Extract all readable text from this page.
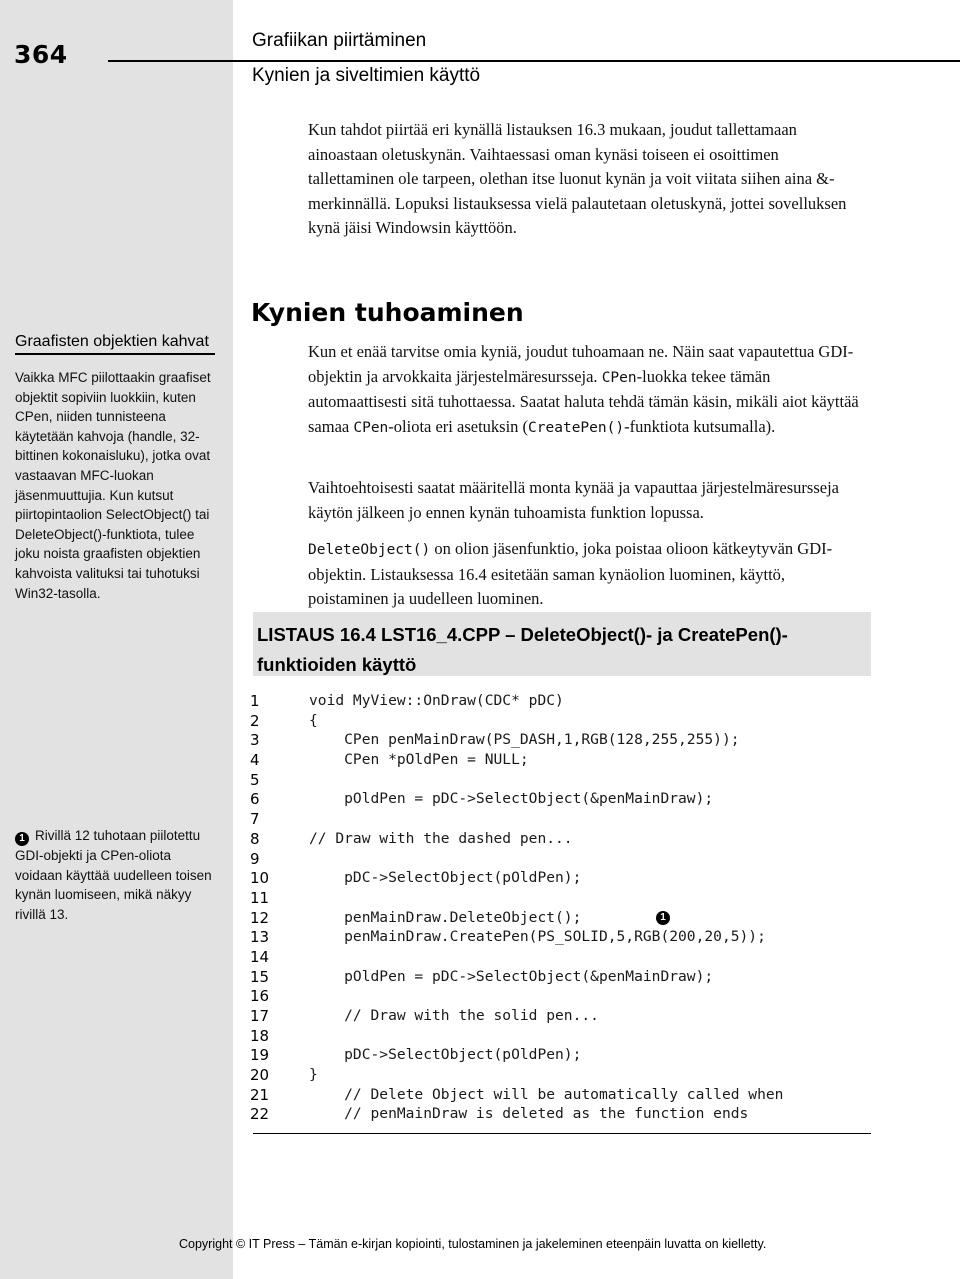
364	Grafiikan piirtäminen
Kynien ja siveltimien käyttö

Kun tahdot piirtää eri kynällä listauksen 16.3 mukaan, joudut tallettamaan ainoastaan oletuskynän. Vaihtaessasi oman kynäsi toiseen ei osoittimen tallettaminen ole tarpeen, olethan itse luonut kynän ja voit viitata siihen aina &-merkinnällä. Lopuksi listauksessa vielä palautetaan oletuskynä, jottei sovelluksen kynä jäisi Windowsin käyttöön.

Kynien tuhoaminen

Kun et enää tarvitse omia kyniä, joudut tuhoamaan ne. Näin saat vapautettua GDI-objektin ja arvokkaita järjestelmäresursseja. CPen-luokka tekee tämän automaattisesti sitä tuhottaessa. Saatat haluta tehdä tämän käsin, mikäli aiot käyttää samaa CPen-oliota eri asetuksin (CreatePen()-funktiota kutsumalla).

Vaihtoehtoisesti saatat määritellä monta kynää ja vapauttaa järjestelmäresursseja käytön jälkeen jo ennen kynän tuhoamista funktion lopussa.

DeleteObject() on olion jäsenfunktio, joka poistaa olioon kätkeytyvän GDI-objektin. Listauksessa 16.4 esitetään saman kynäolion luominen, käyttö, poistaminen ja uudelleen luominen.

Graafisten objektien kahvat

Vaikka MFC piilottaakin graafiset objektit sopiviin luokkiin, kuten CPen, niiden tunnisteena käytetään kahvoja (handle, 32-bittinen kokonaisluku), jotka ovat vastaavan MFC-luokan jäsenmuuttujia. Kun kutsut piirtopintaolion SelectObject() tai DeleteObject()-funktiota, tulee joku noista graafisten objektien kahvoista valituksi tai tuhotuksi Win32-tasolla.

1 Rivillä 12 tuhotaan piilotettu GDI-objekti ja CPen-oliota voidaan käyttää uudelleen toisen kynän luomiseen, mikä näkyy rivillä 13.

LISTAUS 16.4 LST16_4.CPP – DeleteObject()- ja CreatePen()-funktioiden käyttö

1	void MyView::OnDraw(CDC* pDC)
2	{
3	CPen penMainDraw(PS_DASH,1,RGB(128,255,255));
4	CPen *pOldPen = NULL;
5
6	pOldPen = pDC->SelectObject(&penMainDraw);
7
8	// Draw with the dashed pen...
9
10	pDC->SelectObject(pOldPen);
11
12	penMainDraw.DeleteObject();
13	penMainDraw.CreatePen(PS_SOLID,5,RGB(200,20,5));
14
15	pOldPen = pDC->SelectObject(&penMainDraw);
16
17	// Draw with the solid pen...
18
19	pDC->SelectObject(pOldPen);
20	}
21	// Delete Object will be automatically called when
22	// penMainDraw is deleted as the function ends
1
Copyright © IT Press – Tämän e-kirjan kopiointi, tulostaminen ja jakeleminen eteenpäin luvatta on kielletty.
